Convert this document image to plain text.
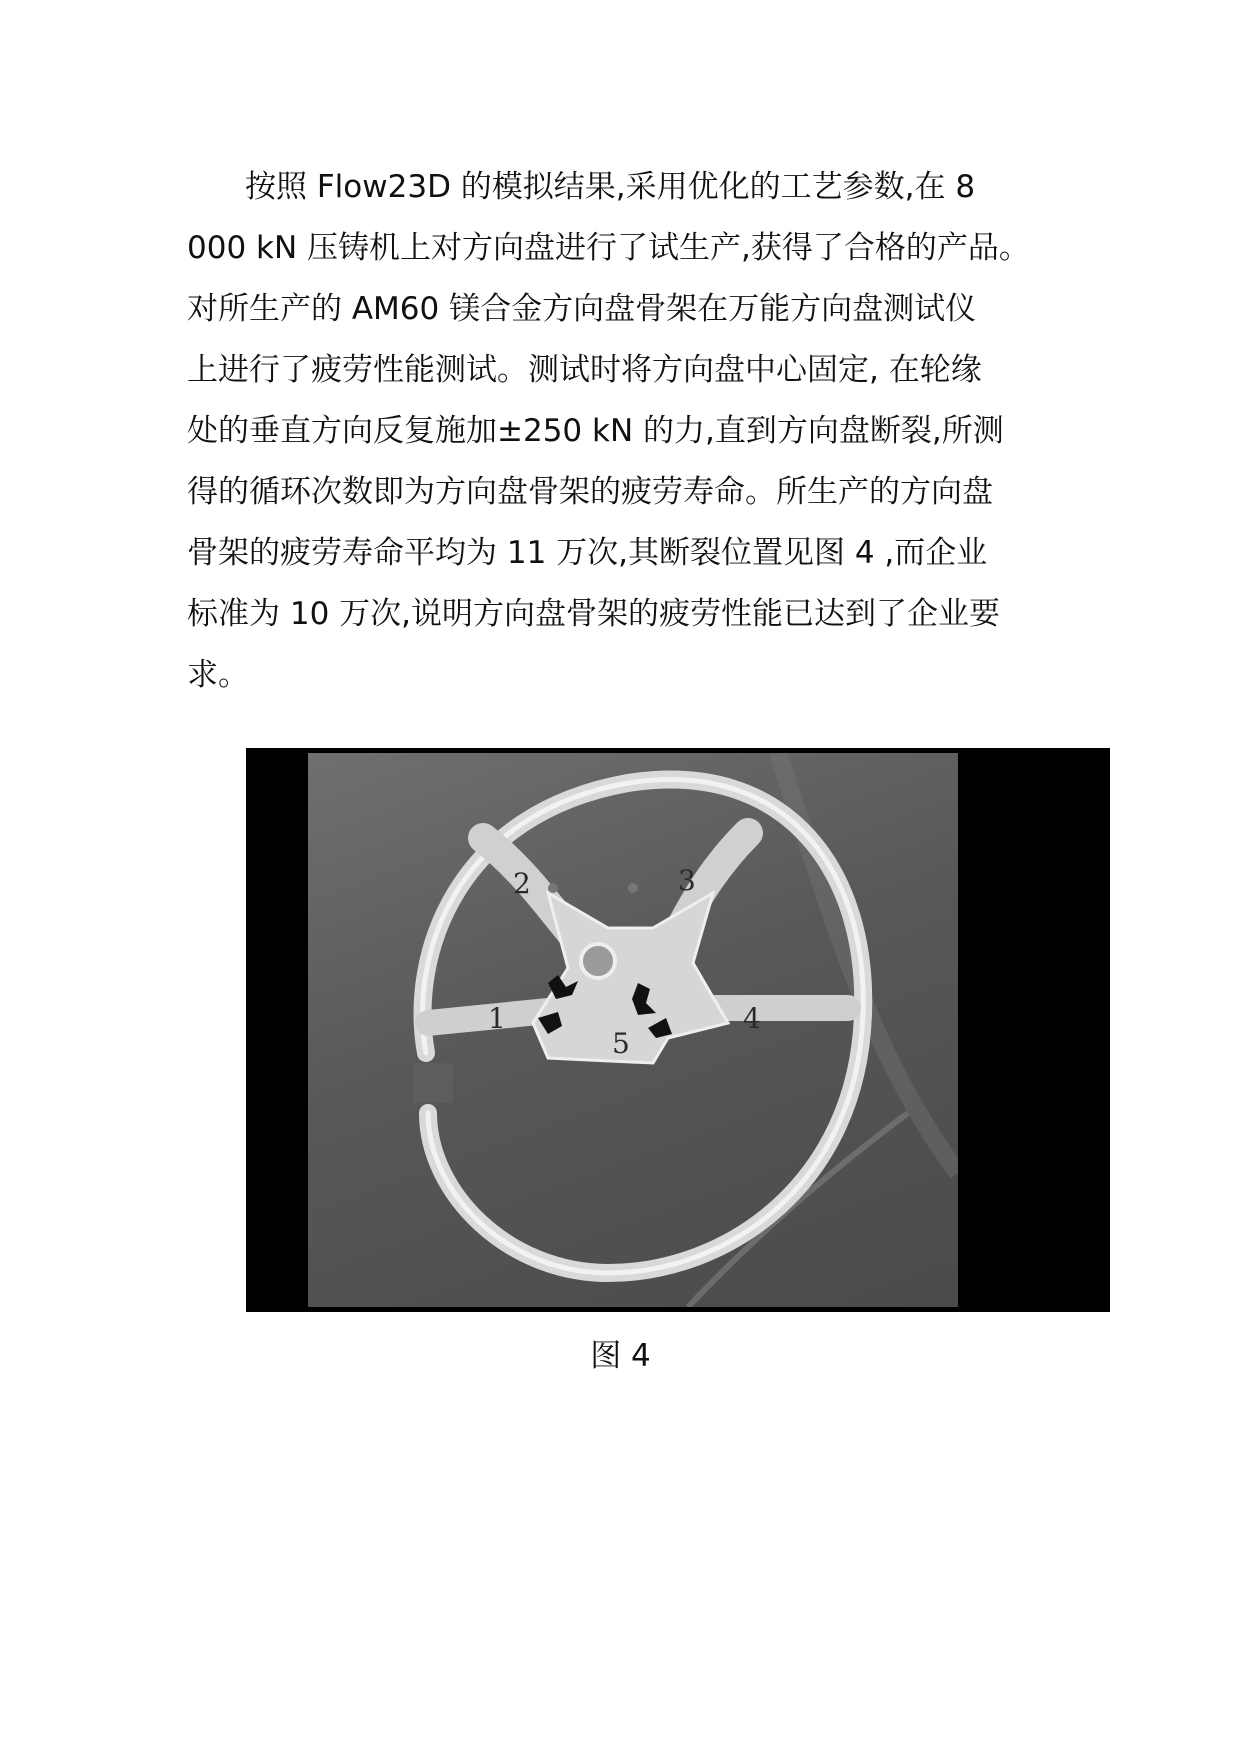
按照 Flow23D 的模拟结果,采用优化的工艺参数,在 8
000 kN 压铸机上对方向盘进行了试生产,获得了合格的产品。
对所生产的 AM60 镁合金方向盘骨架在万能方向盘测试仪
上进行了疲劳性能测试。测试时将方向盘中心固定, 在轮缘
处的垂直方向反复施加±250 kN 的力,直到方向盘断裂,所测
得的循环次数即为方向盘骨架的疲劳寿命。所生产的方向盘
骨架的疲劳寿命平均为 11 万次,其断裂位置见图 4 ,而企业
标准为 10 万次,说明方向盘骨架的疲劳性能已达到了企业要
求。
2	3
1	4
5
图 4
